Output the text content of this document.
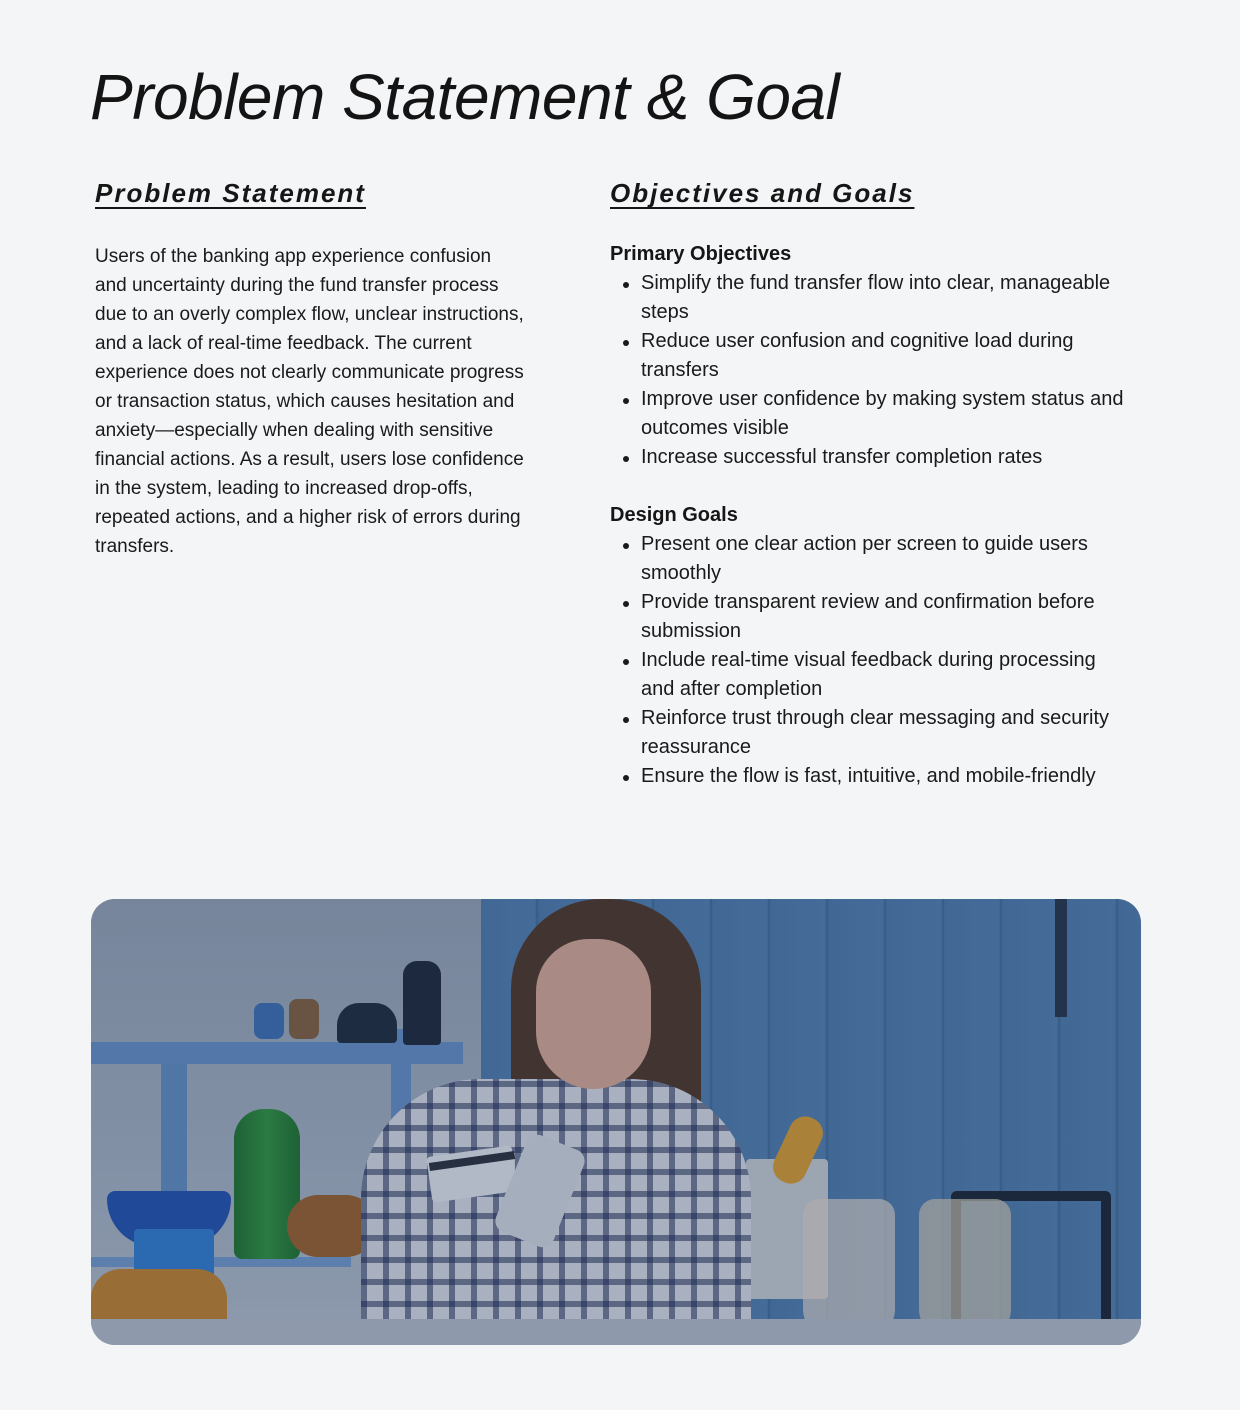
Problem Statement & Goal
Problem Statement

Users of the banking app experience confusion and uncertainty during the fund transfer process due to an overly complex flow, unclear instructions, and a lack of real-time feedback. The current experience does not clearly communicate progress or transaction status, which causes hesitation and anxiety—especially when dealing with sensitive financial actions. As a result, users lose confidence in the system, leading to increased drop-offs, repeated actions, and a higher risk of errors during transfers.

Objectives and Goals
Primary Objectives
Simplify the fund transfer flow into clear, manageable steps
Reduce user confusion and cognitive load during transfers
Improve user confidence by making system status and outcomes visible
Increase successful transfer completion rates
Design Goals
Present one clear action per screen to guide users smoothly
Provide transparent review and confirmation before submission
Include real-time visual feedback during processing and after completion
Reinforce trust through clear messaging and security reassurance
Ensure the flow is fast, intuitive, and mobile-friendly
